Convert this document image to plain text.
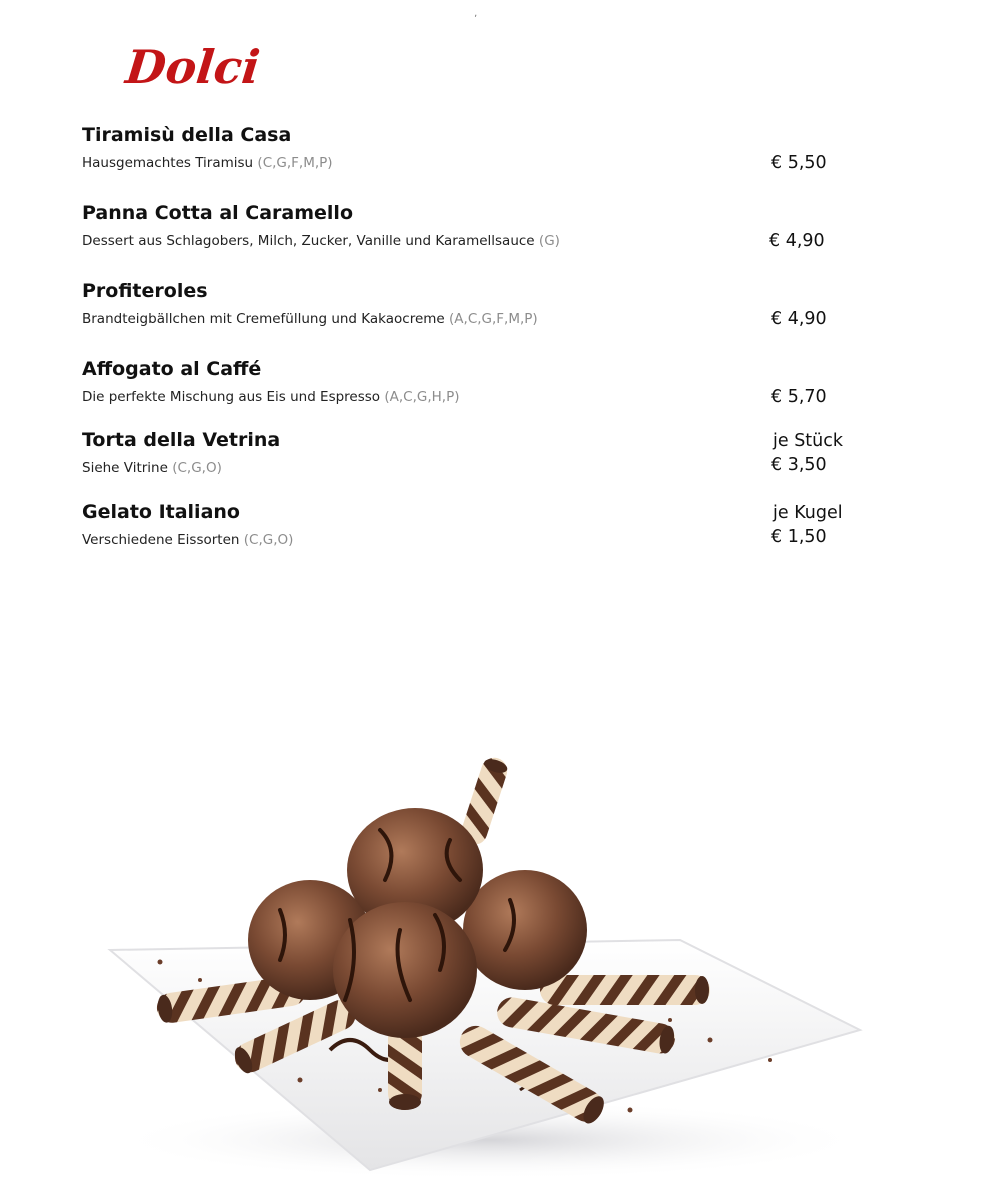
ʼ
Dolci
Tiramisù della Casa
Hausgemachtes Tiramisu (C,G,F,M,P)	€ 5,50
Panna Cotta al Caramello
Dessert aus Schlagobers, Milch, Zucker, Vanille und Karamellsauce (G)	€ 4,90
Profiteroles
Brandteigbällchen mit Cremefüllung und Kakaocreme (A,C,G,F,M,P)	€ 4,90
Affogato al Caffé
Die perfekte Mischung aus Eis und Espresso (A,C,G,H,P)	€ 5,70
Torta della Vetrina
Siehe Vitrine (C,G,O)
je Stück
€ 3,50
Gelato Italiano
Verschiedene Eissorten (C,G,O)
je Kugel
€ 1,50
